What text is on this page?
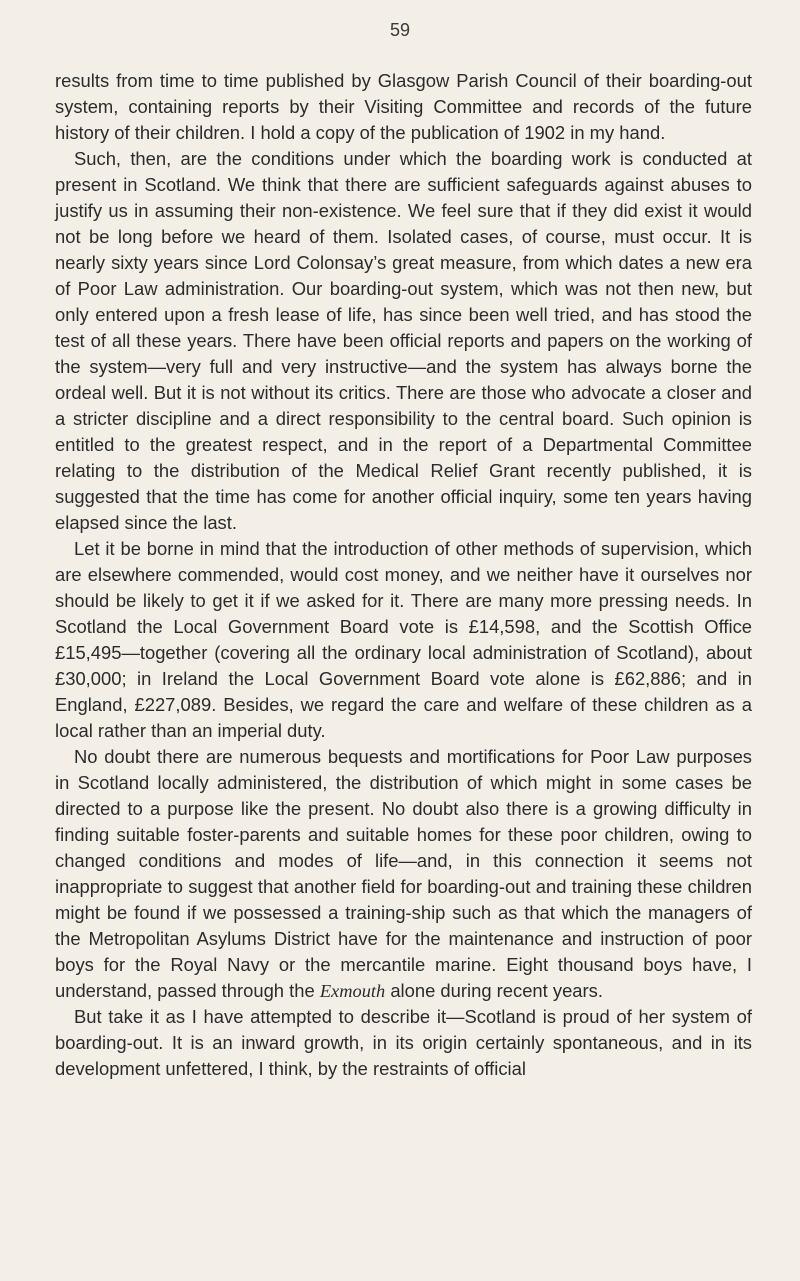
59

results from time to time published by Glasgow Parish Council of their boarding-out system, containing reports by their Visiting Committee and records of the future history of their children. I hold a copy of the publication of 1902 in my hand.

Such, then, are the conditions under which the boarding work is conducted at present in Scotland. We think that there are sufficient safeguards against abuses to justify us in assuming their non-existence. We feel sure that if they did exist it would not be long before we heard of them. Isolated cases, of course, must occur. It is nearly sixty years since Lord Colonsay’s great measure, from which dates a new era of Poor Law administration. Our boarding-out system, which was not then new, but only entered upon a fresh lease of life, has since been well tried, and has stood the test of all these years. There have been official reports and papers on the working of the system—very full and very instructive—and the system has always borne the ordeal well. But it is not without its critics. There are those who advocate a closer and a stricter discipline and a direct responsibility to the central board. Such opinion is entitled to the greatest respect, and in the report of a Departmental Committee relating to the distribution of the Medical Relief Grant recently published, it is suggested that the time has come for another official inquiry, some ten years having elapsed since the last.

Let it be borne in mind that the introduction of other methods of supervision, which are elsewhere commended, would cost money, and we neither have it ourselves nor should be likely to get it if we asked for it. There are many more pressing needs. In Scotland the Local Government Board vote is £14,598, and the Scottish Office £15,495—together (covering all the ordinary local administration of Scotland), about £30,000; in Ireland the Local Government Board vote alone is £62,886; and in England, £227,089. Besides, we regard the care and welfare of these children as a local rather than an imperial duty.

No doubt there are numerous bequests and mortifications for Poor Law purposes in Scotland locally administered, the distribution of which might in some cases be directed to a purpose like the present. No doubt also there is a growing difficulty in finding suitable foster-parents and suitable homes for these poor children, owing to changed conditions and modes of life—and, in this connection it seems not inappropriate to suggest that another field for boarding-out and training these children might be found if we possessed a training-ship such as that which the managers of the Metropolitan Asylums District have for the maintenance and instruction of poor boys for the Royal Navy or the mercantile marine. Eight thousand boys have, I understand, passed through the Exmouth alone during recent years.

But take it as I have attempted to describe it—Scotland is proud of her system of boarding-out. It is an inward growth, in its origin certainly spontaneous, and in its development unfettered, I think, by the restraints of official
